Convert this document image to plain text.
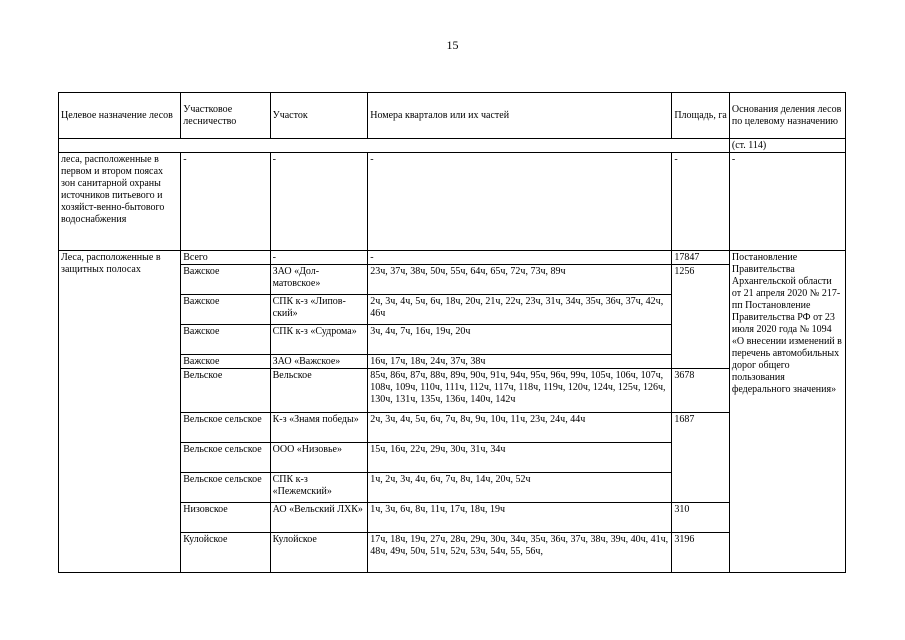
15
Целевое назначение лесов	Участковое лесничество	Участок	Номера кварталов или их частей	Площадь, га	Основания деления лесов по целевому назначению
					(ст. 114)
леса, расположенные в первом и втором поясах зон санитарной охраны источников питьевого и хозяйст-венно-бытового водоснабжения	-	-	-	-	-
Леса, расположенные в защитных полосах	Всего	-	-	17847	Постановление Правительства Архангельской области от 21 апреля 2020 № 217-пп Постановление Правительства РФ от 23 июля 2020 года № 1094 «О внесении изменений в перечень автомобильных дорог общего пользования федерального значения»
	Важское	ЗАО «Дол-матовское»	23ч, 37ч, 38ч, 50ч, 55ч, 64ч, 65ч, 72ч, 73ч, 89ч	1256	
	Важское	СПК к-з «Липов-ский»	2ч, 3ч, 4ч, 5ч, 6ч, 18ч, 20ч, 21ч, 22ч, 23ч, 31ч, 34ч, 35ч, 36ч, 37ч, 42ч, 46ч		
	Важское	СПК к-з «Судрома»	3ч, 4ч, 7ч, 16ч, 19ч, 20ч		
	Важское	ЗАО «Важское»	16ч, 17ч, 18ч, 24ч, 37ч, 38ч		
	Вельское	Вельское	85ч, 86ч, 87ч, 88ч, 89ч, 90ч, 91ч, 94ч, 95ч, 96ч, 99ч, 105ч, 106ч, 107ч, 108ч, 109ч, 110ч, 111ч, 112ч, 117ч, 118ч, 119ч, 120ч, 124ч, 125ч, 126ч, 130ч, 131ч, 135ч, 136ч, 140ч, 142ч	3678	
	Вельское сельское	К-з «Знамя победы»	2ч, 3ч, 4ч, 5ч, 6ч, 7ч, 8ч, 9ч, 10ч, 11ч, 23ч, 24ч, 44ч	1687	
	Вельское сельское	ООО «Низовье»	15ч, 16ч, 22ч, 29ч, 30ч, 31ч, 34ч		
	Вельское сельское	СПК к-з «Пежемский»	1ч, 2ч, 3ч, 4ч, 6ч, 7ч, 8ч, 14ч, 20ч, 52ч		
	Низовское	АО «Вельский ЛХК»	1ч, 3ч, 6ч, 8ч, 11ч, 17ч, 18ч, 19ч	310	
	Кулойское	Кулойское	17ч, 18ч, 19ч, 27ч, 28ч, 29ч, 30ч, 34ч, 35ч, 36ч, 37ч, 38ч, 39ч, 40ч, 41ч, 48ч, 49ч, 50ч, 51ч, 52ч, 53ч, 54ч, 55, 56ч,	3196	
